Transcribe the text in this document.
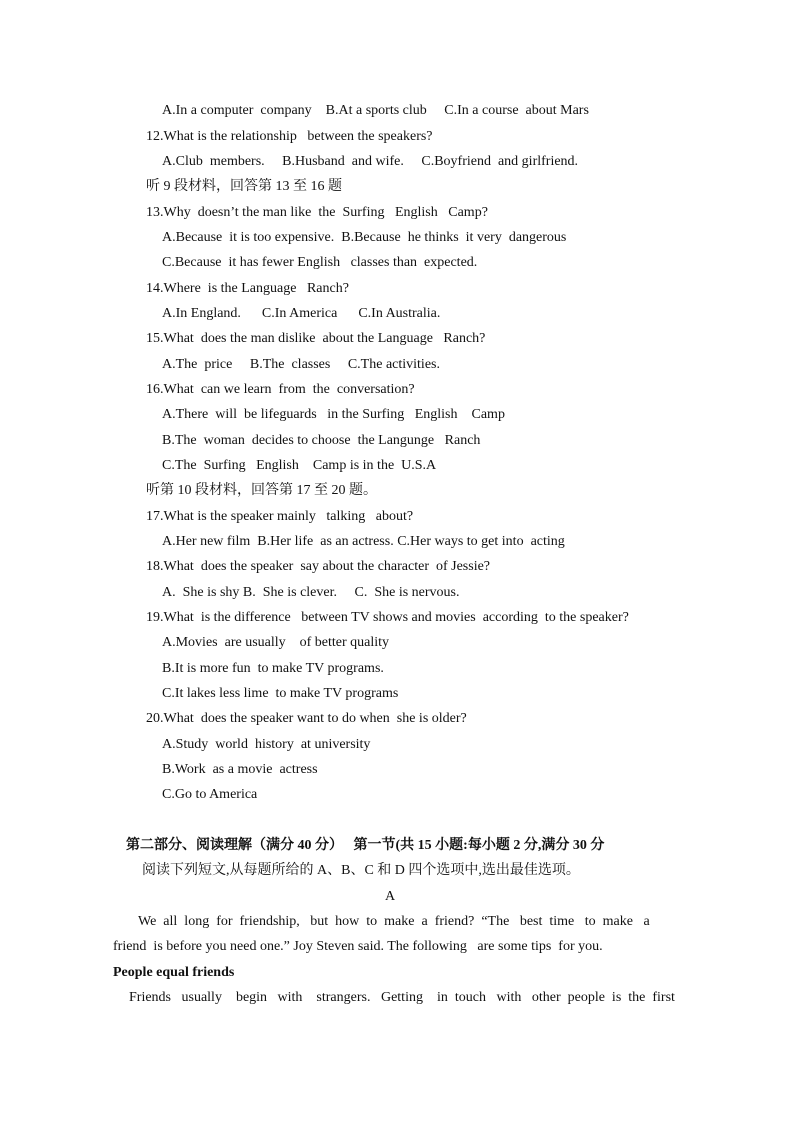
A.In a computer  company    B.At a sports club     C.In a course  about Mars
12.What is the relationship   between the speakers?
A.Club  members.     B.Husband  and wife.     C.Boyfriend  and girlfriend.
听 9 段材料，回答第 13 至 16 题
13.Why  doesn’t the man like  the  Surfing   English   Camp?
A.Because  it is too expensive.  B.Because  he thinks  it very  dangerous
C.Because  it has fewer English   classes than  expected.
14.Where  is the Language   Ranch?
A.In England.      C.In America      C.In Australia.
15.What  does the man dislike  about the Language   Ranch?
A.The  price     B.The  classes     C.The activities.
16.What  can we learn  from  the  conversation?
A.There  will  be lifeguards   in the Surfing   English    Camp
B.The  woman  decides to choose  the Langunge   Ranch
C.The  Surfing   English    Camp is in the  U.S.A
听第 10 段材料，回答第 17 至 20 题。
17.What is the speaker mainly   talking   about?
A.Her new film  B.Her life  as an actress. C.Her ways to get into  acting
18.What  does the speaker  say about the character  of Jessie?
A.  She is shy B.  She is clever.     C.  She is nervous.
19.What  is the difference   between TV shows and movies  according  to the speaker?
A.Movies  are usually    of better quality
B.It is more fun  to make TV programs.
C.It lakes less lime  to make TV programs
20.What  does the speaker want to do when  she is older?
A.Study  world  history  at university
B.Work  as a movie  actress
C.Go to America
第二部分、阅读理解（满分 40 分）   第一节(共 15 小题:每小题 2 分,满分 30 分
阅读下列短文,从每题所给的 A、B、C 和 D 四个选项中,选出最佳选项。
A
We  all  long  for  friendship,   but  how  to  make  a  friend?  “The   best  time   to  make   a
friend  is before you need one.” Joy Steven said. The following   are some tips  for you.
People equal friends
Friends   usually    begin   with    strangers.   Getting    in  touch   with   other  people  is  the  first
